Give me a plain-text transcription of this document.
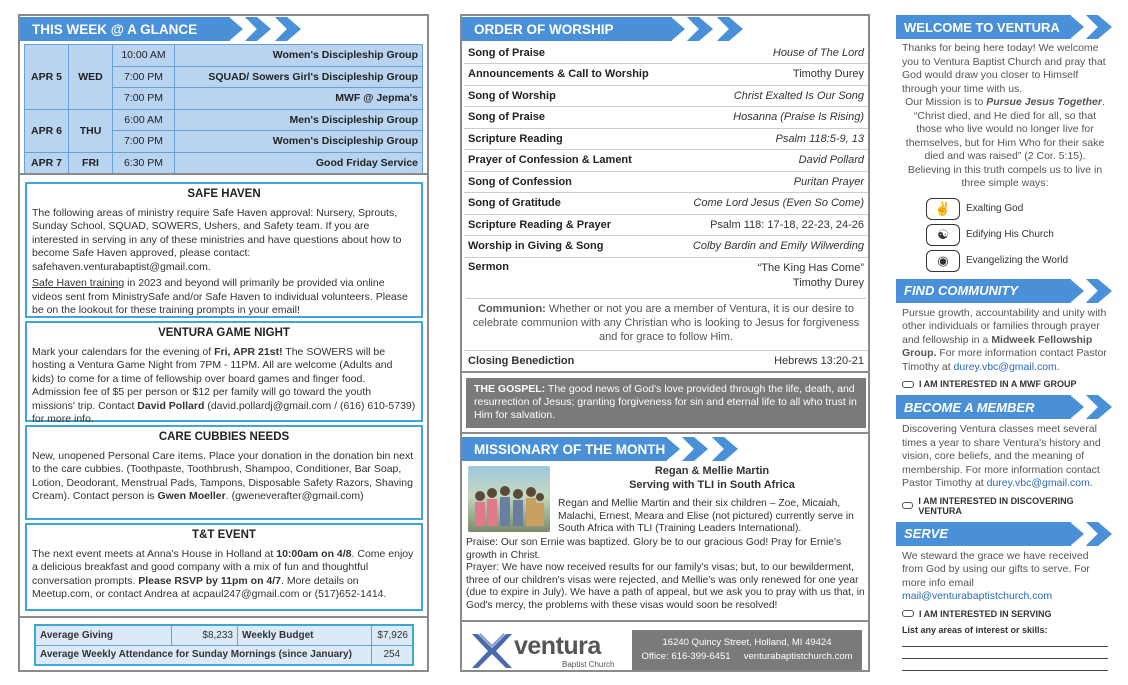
THIS WEEK @ A GLANCE
APR 5	WED	10:00 AM	Women's Discipleship Group
		7:00 PM	SQUAD/ Sowers Girl's Discipleship Group
		7:00 PM	MWF @ Jepma's
APR 6	THU	6:00 AM	Men's Discipleship Group
		7:00 PM	Women's Discipleship Group
APR 7	FRI	6:30 PM	Good Friday Service
SAFE HAVEN

The following areas of ministry require Safe Haven approval: Nursery, Sprouts, Sunday School, SQUAD, SOWERS, Ushers, and Safety team. If you are interested in serving in any of these ministries and have questions about how to become Safe Haven approved, please contact: safehaven.venturabaptist@gmail.com.

Safe Haven training in 2023 and beyond will primarily be provided via online videos sent from MinistrySafe and/or Safe Haven to individual volunteers. Please be on the lookout for these training prompts in your email!

VENTURA GAME NIGHT

Mark your calendars for the evening of Fri, APR 21st! The SOWERS will be hosting a Ventura Game Night from 7PM - 11PM. All are welcome (Adults and kids) to come for a time of fellowship over board games and finger food. Admission fee of $5 per person or $12 per family will go toward the youth missions' trip. Contact David Pollard (david.pollardj@gmail.com / (616) 610-5739) for more info.

CARE CUBBIES NEEDS

New, unopened Personal Care items. Place your donation in the donation bin next to the care cubbies. (Toothpaste, Toothbrush, Shampoo, Conditioner, Bar Soap, Lotion, Deodorant, Menstrual Pads, Tampons, Disposable Safety Razors, Shaving Cream). Contact person is Gwen Moeller. (gweneverafter@gmail.com)

T&T EVENT

The next event meets at Anna's House in Holland at 10:00am on 4/8. Come enjoy a delicious breakfast and good company with a mix of fun and thoughtful conversation prompts. Please RSVP by 11pm on 4/7. More details on Meetup.com, or contact Andrea at acpaul247@gmail.com or (517)652-1414.

Average Giving	$8,233	Weekly Budget	$7,926
Average Weekly Attendance for Sunday Mornings (since January)			254
ORDER OF WORSHIP
Song of Praise	House of The Lord
Announcements & Call to Worship	Timothy Durey
Song of Worship	Christ Exalted Is Our Song
Song of Praise	Hosanna (Praise Is Rising)
Scripture Reading	Psalm 118:5-9, 13
Prayer of Confession & Lament	David Pollard
Song of Confession	Puritan Prayer
Song of Gratitude	Come Lord Jesus (Even So Come)
Scripture Reading & Prayer	Psalm 118: 17-18, 22-23, 24-26
Worship in Giving & Song	Colby Bardin and Emily Wilwerding
Sermon	“The King Has Come”
Timothy Durey
Communion: Whether or not you are a member of Ventura, it is our desire to celebrate communion with any Christian who is looking to Jesus for forgiveness and for grace to follow Him.
Closing Benediction	Hebrews 13:20-21
THE GOSPEL: The good news of God's love provided through the life, death, and resurrection of Jesus; granting forgiveness for sin and eternal life to all who trust in Him for salvation.
MISSIONARY OF THE MONTH
Regan & Mellie Martin
Serving with TLI in South Africa
Regan and Mellie Martin and their six children – Zoe, Micaiah, Malachi, Ernest, Meara and Elise (not pictured) currently serve in South Africa with TLI (Training Leaders International).
Praise: Our son Ernie was baptized. Glory be to our gracious God! Pray for Ernie's growth in Christ.
Prayer: We have now received results for our family's visas; but, to our bewilderment, three of our children's visas were rejected, and Mellie's was only renewed for one year (due to expire in July). We have a path of appeal, but we ask you to pray with us that, in God's mercy, the problems with these visas would soon be resolved!
ventura
Baptist Church
16240 Quincy Street, Holland, MI 49424
Office: 616-399-6451 venturabaptistchurch.com
WELCOME TO VENTURA
Thanks for being here today! We welcome you to Ventura Baptist Church and pray that God would draw you closer to Himself through your time with us.
Our Mission is to Pursue Jesus Together.
“Christ died, and He died for all, so that those who live would no longer live for themselves, but for Him Who for their sake died and was raised” (2 Cor. 5:15).
Believing in this truth compels us to live in three simple ways:
✌	Exalting God
☯	Edifying His Church
◉	Evangelizing the World
FIND COMMUNITY
Pursue growth, accountability and unity with other individuals or families through prayer and fellowship in a Midweek Fellowship Group. For more information contact Pastor Timothy at durey.vbc@gmail.com.
I AM INTERESTED IN A MWF GROUP
BECOME A MEMBER
Discovering Ventura classes meet several times a year to share Ventura's history and vision, core beliefs, and the meaning of membership. For more information contact Pastor Timothy at durey.vbc@gmail.com.
I AM INTERESTED IN DISCOVERING VENTURA
SERVE
We steward the grace we have received from God by using our gifts to serve. For more info email mail@venturabaptistchurch.com
I AM INTERESTED IN SERVING
List any areas of interest or skills:
